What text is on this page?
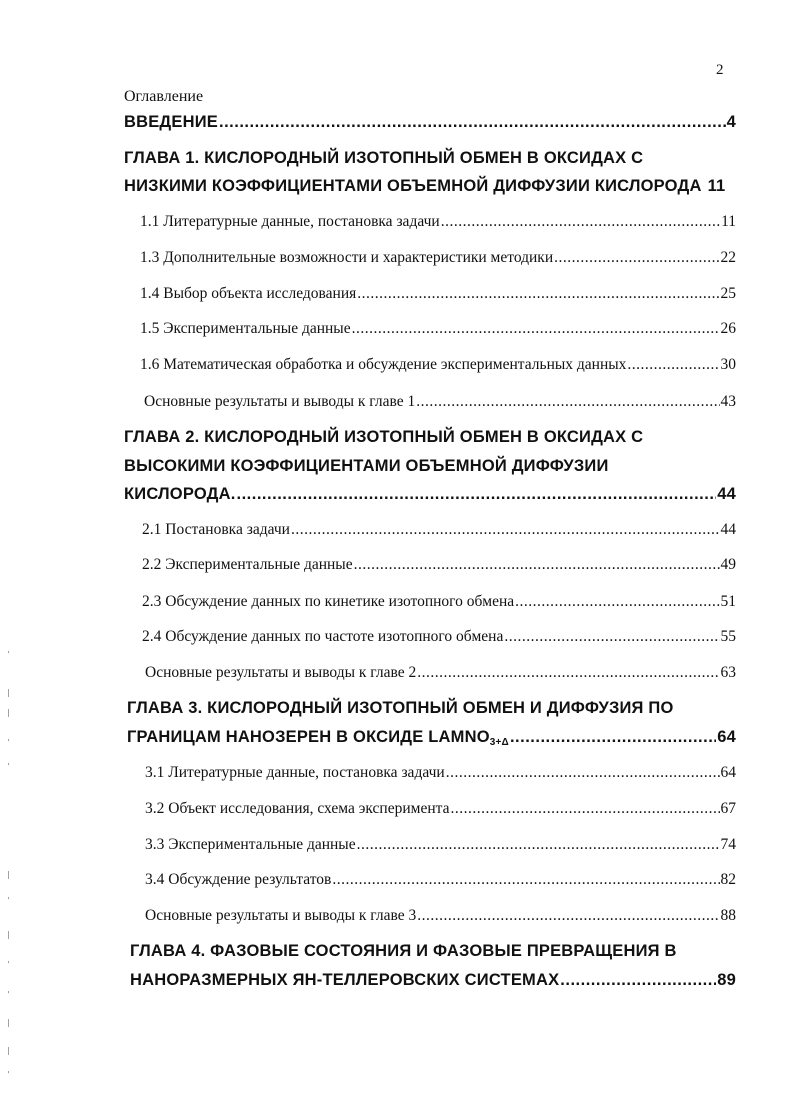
2
Оглавление
ВВЕДЕНИЕ .....	4
ГЛАВА 1. КИСЛОРОДНЫЙ ИЗОТОПНЫЙ ОБМЕН В ОКСИДАХ С
НИЗКИМИ КОЭФФИЦИЕНТАМИ ОБЪЕМНОЙ ДИФФУЗИИ КИСЛОРОДА 11
1.1 Литературные данные, постановка задачи .....	11
1.3 Дополнительные возможности и характеристики методики .....	22
1.4 Выбор объекта исследования .....	25
1.5 Экспериментальные данные .....	26
1.6 Математическая обработка и обсуждение экспериментальных данных .....	30
Основные результаты и выводы к главе 1 .....	43
ГЛАВА 2. КИСЛОРОДНЫЙ ИЗОТОПНЫЙ ОБМЕН В ОКСИДАХ С
ВЫСОКИМИ КОЭФФИЦИЕНТАМИ ОБЪЕМНОЙ ДИФФУЗИИ
КИСЛОРОДА. .....	44
2.1 Постановка задачи .....	44
2.2 Экспериментальные данные .....	49
2.3 Обсуждение данных по кинетике изотопного обмена .....	51
2.4 Обсуждение данных по частоте изотопного обмена .....	55
Основные результаты и выводы к главе 2 .....	63
ГЛАВА 3. КИСЛОРОДНЫЙ ИЗОТОПНЫЙ ОБМЕН И ДИФФУЗИЯ ПО
ГРАНИЦАМ НАНОЗЕРЕН В ОКСИДЕ $LAMNO_{3+\Delta}$ .....	64
3.1 Литературные данные, постановка задачи .....	64
3.2 Объект исследования, схема эксперимента .....	67
3.3 Экспериментальные данные .....	74
3.4 Обсуждение результатов .....	82
Основные результаты и выводы к главе 3 .....	88
ГЛАВА 4. ФАЗОВЫЕ СОСТОЯНИЯ И ФАЗОВЫЕ ПРЕВРАЩЕНИЯ В
НАНОРАЗМЕРНЫХ ЯН-ТЕЛЛЕРОВСКИХ СИСТЕМАХ .....	89
'
|
|
'
'
|
'
|
'
'
|
|
'
